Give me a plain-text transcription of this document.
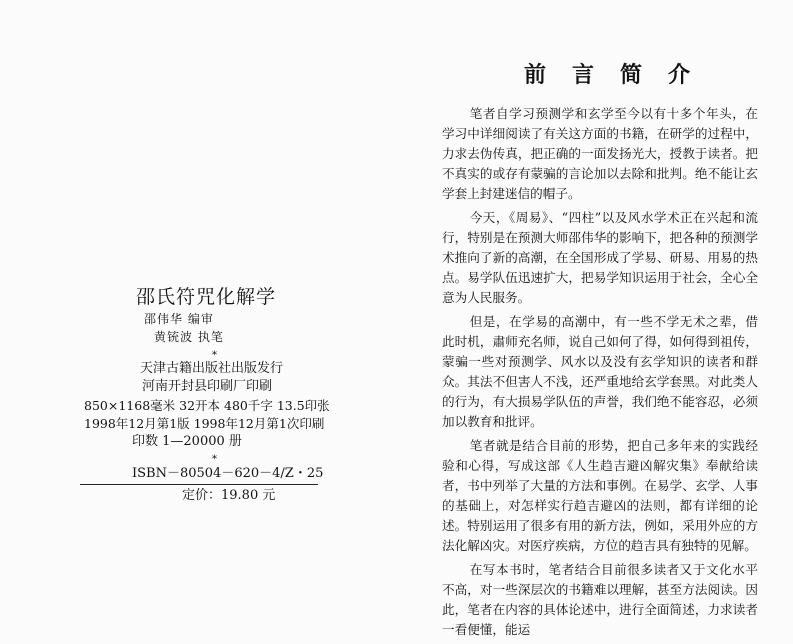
邵氏符咒化解学
邵伟华 编审
黄铳波 执笔
*
天津古籍出版社出版发行
河南开封县印刷厂印刷
850×1168毫米 32开本 480千字 13.5印张
1998年12月第1版 1998年12月第1次印刷
印数 1—20000 册
*
ISBN－80504－620－4/Z・25
定价：19.80 元
前言简介

笔者自学习预测学和玄学至今以有十多个年头，在学习中详细阅读了有关这方面的书籍，在研学的过程中，力求去伪传真，把正确的一面发扬光大，授教于读者。把不真实的或存有蒙骗的言论加以去除和批判。绝不能让玄学套上封建迷信的帽子。

今天，《周易》、“四柱”以及风水学术正在兴起和流行，特别是在预测大师邵伟华的影响下，把各种的预测学术推向了新的高潮，在全国形成了学易、研易、用易的热点。易学队伍迅速扩大，把易学知识运用于社会，全心全意为人民服务。

但是，在学易的高潮中，有一些不学无术之辈，借此时机，肅师充名师，说自己如何了得，如何得到祖传，蒙骗一些对预测学、风水以及没有玄学知识的读者和群众。其法不但害人不浅，还严重地给玄学套黑。对此类人的行为，有大损易学队伍的声誉，我们绝不能容忍，必须加以教育和批评。

笔者就是结合目前的形势，把自己多年来的实践经验和心得，写成这部《人生趋吉避凶解灾集》奉献给读者，书中列举了大量的方法和事例。在易学、玄学、人事的基础上，对怎样实行趋吉避凶的法则，都有详细的论述。特别运用了很多有用的新方法，例如，采用外应的方法化解凶灾。对医疗疾病，方位的趋吉具有独特的见解。

在写本书时，笔者结合目前很多读者又于文化水平不高，对一些深层次的书籍难以理解，甚至方法阅读。因此，笔者在内容的具体论述中，进行全面简述，力求读者一看便懂，能运
